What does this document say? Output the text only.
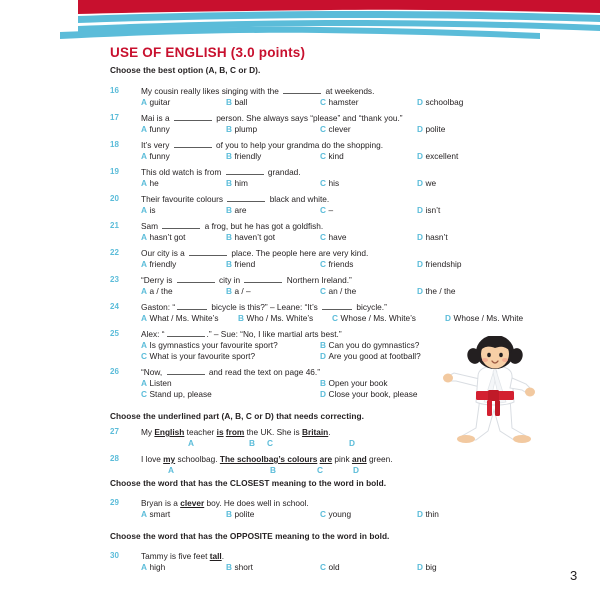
USE OF ENGLISH (3.0 points)
Choose the best option (A, B, C or D).
16	My cousin really likes singing with the	at weekends.
A guitar	B ball	C hamster	D schoolbag
17	Mai is a	person. She always says “please” and “thank you.”
A funny	B plump	C clever	D polite
18	It’s very	of you to help your grandma do the shopping.
A funny	B friendly	C kind	D excellent
19	This old watch is from	grandad.
A he	B him	C his	D we
20	Their favourite colours	black and white.
A is	B are	C –	D isn’t
21	Sam	a frog, but he has got a goldfish.
A hasn’t got	B haven’t got	C have	D hasn’t
22	Our city is a	place. The people here are very kind.
A friendly	B friend	C friends	D friendship
23	“Derry is	city in	Northern Ireland.”
A a / the	B a / –	C an / the	D the / the
24	Gaston: “	bicycle is this?” – Leane: “It’s	bicycle.”
A What / Ms. White’s B Who / Ms. White’s C Whose / Ms. White’s	D Whose / Ms. White
25	Alex: “	.” – Sue: “No, I like martial arts best.”
A Is gymnastics your favourite sport?	B Can you do gymnastics?
C What is your favourite sport?	D Are you good at football?
26	“Now,	and read the text on page 46.”
A Listen	B Open your book
C Stand up, please	D Close your book, please
Choose the underlined part (A, B, C or D) that needs correcting.
27	My English teacher is from the UK. She is Britain.
A	B C	D
28	I love my schoolbag. The schoolbag’s colours are pink and green.
A	B	C	D
Choose the word that has the CLOSEST meaning to the word in bold.
29	Bryan is a clever boy. He does well in school.
A smart	B polite	C young	D thin
Choose the word that has the OPPOSITE meaning to the word in bold.
30	Tammy is five feet tall.
A high	B short	C old	D big
3
